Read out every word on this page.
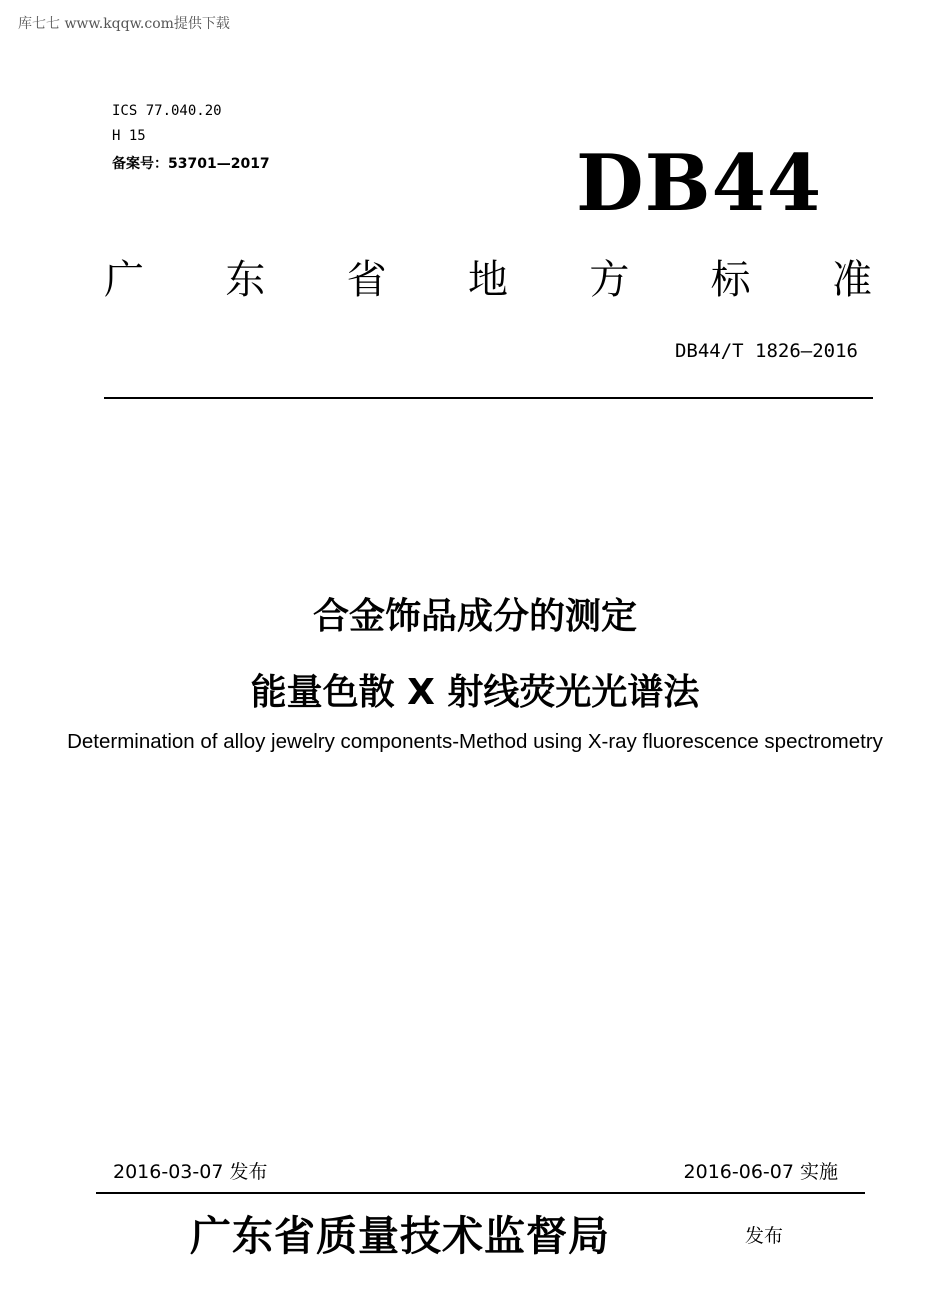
库七七 www.kqqw.com提供下载
ICS 77.040.20
H 15
备案号：53701—2017	DB44
广 东 省 地 方 标 准
DB44/T 1826—2016
合金饰品成分的测定
能量色散 X 射线荧光光谱法
Determination of alloy jewelry components-Method using X-ray fluorescence spectrometry
2016-03-07 发布	2016-06-07 实施
广东省质量技术监督局	发布
